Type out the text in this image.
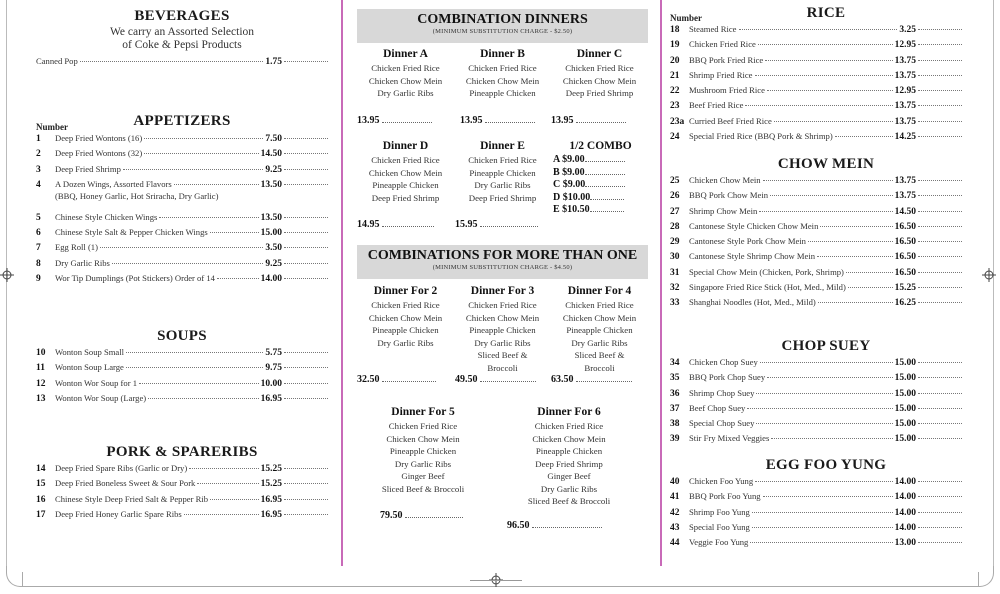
BEVERAGES
We carry an Assorted Selection
of Coke & Pepsi Products
Canned Pop	1.75
Number	APPETIZERS
1	Deep Fried Wontons (16)	7.50
2	Deep Fried Wontons (32)	14.50
3	Deep Fried Shrimp	9.25
4	A Dozen Wings, Assorted Flavors	13.50
(BBQ, Honey Garlic, Hot Sriracha, Dry Garlic)
5	Chinese Style Chicken Wings	13.50
6	Chinese Style Salt & Pepper Chicken Wings	15.00
7	Egg Roll (1)	3.50
8	Dry Garlic Ribs	9.25
9	Wor Tip Dumplings (Pot Stickers) Order of 14	14.00
SOUPS
10	Wonton Soup Small	5.75
11	Wonton Soup Large	9.75
12	Wonton Wor Soup for 1	10.00
13	Wonton Wor Soup (Large)	16.95
PORK & SPARERIBS
14	Deep Fried Spare Ribs (Garlic or Dry)	15.25
15	Deep Fried Boneless Sweet & Sour Pork	15.25
16	Chinese Style Deep Fried Salt & Pepper Rib	16.95
17	Deep Fried Honey Garlic Spare Ribs	16.95
COMBINATION DINNERS
(MINIMUM SUBSTITUTION CHARGE - $2.50)
Dinner A
Chicken Fried Rice
Chicken Chow Mein
Dry Garlic Ribs
Dinner B
Chicken Fried Rice
Chicken Chow Mein
Pineapple Chicken
Dinner C
Chicken Fried Rice
Chicken Chow Mein
Deep Fried Shrimp
13.95	13.95	13.95
Dinner D
Chicken Fried Rice
Chicken Chow Mein
Pineapple Chicken
Deep Fried Shrimp
Dinner E
Chicken Fried Rice
Pineapple Chicken
Dry Garlic Ribs
Deep Fried Shrimp
1/2 COMBO
A $9.00
B $9.00
C $9.00
D $10.00
E $10.50
14.95	15.95
COMBINATIONS FOR MORE THAN ONE
(MINIMUM SUBSTITUTION CHARGE - $4.50)
Dinner For 2
Chicken Fried Rice
Chicken Chow Mein
Pineapple Chicken
Dry Garlic Ribs
Dinner For 3
Chicken Fried Rice
Chicken Chow Mein
Pineapple Chicken
Dry Garlic Ribs
Sliced Beef &
Broccoli
Dinner For 4
Chicken Fried Rice
Chicken Chow Mein
Pineapple Chicken
Dry Garlic Ribs
Sliced Beef &
Broccoli
32.50	49.50	63.50
Dinner For 5
Chicken Fried Rice
Chicken Chow Mein
Pineapple Chicken
Dry Garlic Ribs
Ginger Beef
Sliced Beef & Broccoli
Dinner For 6
Chicken Fried Rice
Chicken Chow Mein
Pineapple Chicken
Deep Fried Shrimp
Ginger Beef
Dry Garlic Ribs
Sliced Beef & Broccoli
79.50
96.50
Number	RICE
18	Steamed Rice	3.25
19	Chicken Fried Rice	12.95
20	BBQ Pork Fried Rice	13.75
21	Shrimp Fried Rice	13.75
22	Mushroom Fried Rice	12.95
23	Beef Fried Rice	13.75
23a Curried Beef Fried Rice	13.75
24	Special Fried Rice (BBQ Pork & Shrimp)	14.25
CHOW MEIN
25	Chicken Chow Mein	13.75
26	BBQ Pork Chow Mein	13.75
27	Shrimp Chow Mein	14.50
28	Cantonese Style Chicken Chow Mein	16.50
29	Cantonese Style Pork Chow Mein	16.50
30	Cantonese Style Shrimp Chow Mein	16.50
31	Special Chow Mein (Chicken, Pork, Shrimp)	16.50
32	Singapore Fried Rice Stick (Hot, Med., Mild)	15.25
33	Shanghai Noodles (Hot, Med., Mild)	16.25
CHOP SUEY
34	Chicken Chop Suey	15.00
35	BBQ Pork Chop Suey	15.00
36	Shrimp Chop Suey	15.00
37	Beef Chop Suey	15.00
38	Special Chop Suey	15.00
39	Stir Fry Mixed Veggies	15.00
EGG FOO YUNG
40	Chicken Foo Yung	14.00
41	BBQ Pork Foo Yung	14.00
42	Shrimp Foo Yung	14.00
43	Special Foo Yung	14.00
44	Veggie Foo Yung	13.00
